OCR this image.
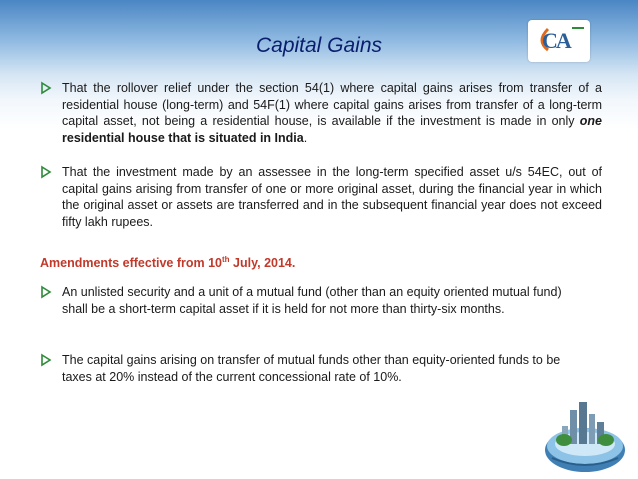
Capital Gains	CA
That the rollover relief under the section 54(1) where capital gains arises from transfer of a residential house (long-term) and 54F(1) where capital gains arises from transfer of a long-term capital asset, not being a residential house, is available if the investment is made in only one residential house that is situated in India.
That the investment made by an assessee in the long-term specified asset u/s 54EC, out of capital gains arising from transfer of one or more original asset, during the financial year in which the original asset or assets are transferred and in the subsequent financial year does not exceed fifty lakh rupees.
Amendments effective from 10th July, 2014.
An unlisted security and a unit of a mutual fund (other than an equity oriented mutual fund) shall be a short-term capital asset if it is held for not more than thirty-six months.
The capital gains arising on transfer of mutual funds other than equity-oriented funds to be taxes at 20% instead of the current concessional rate of 10%.
